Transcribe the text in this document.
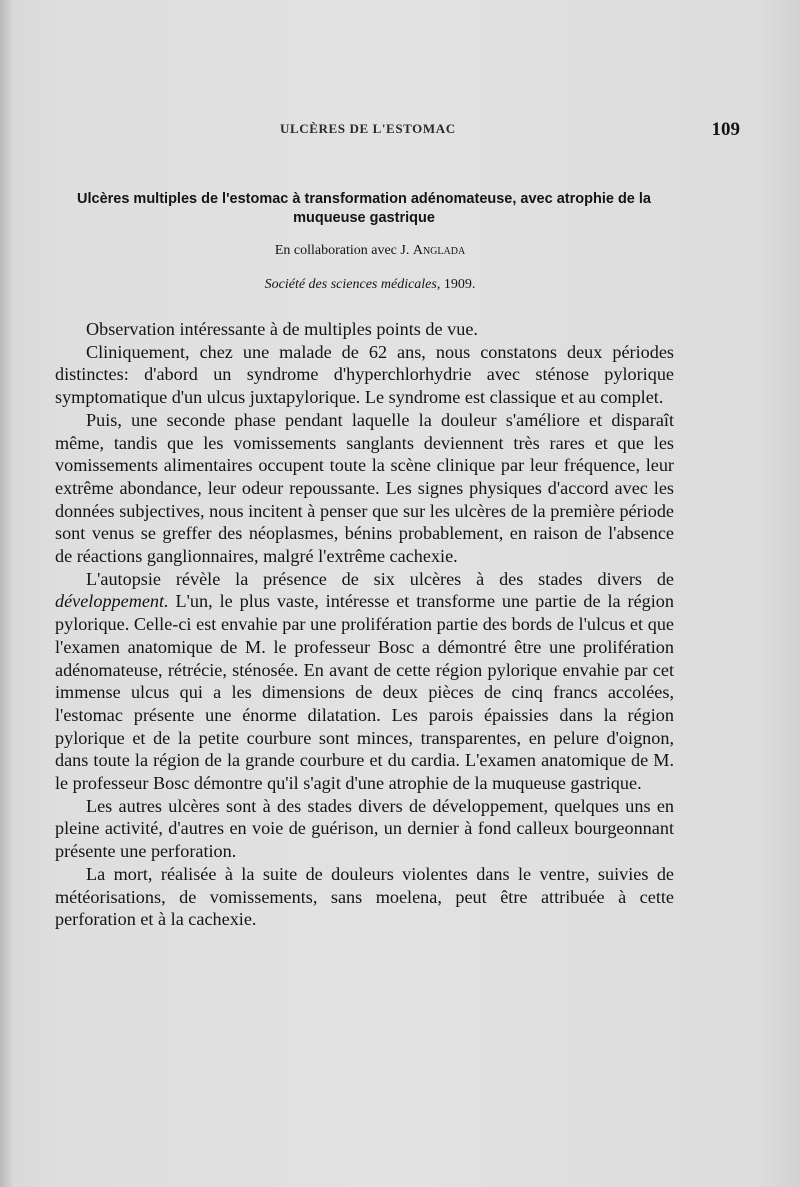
ULCÈRES DE L'ESTOMAC	109
Ulcères multiples de l'estomac à transformation adénomateuse, avec atrophie de la muqueuse gastrique
En collaboration avec J. Anglada
Société des sciences médicales, 1909.

Observation intéressante à de multiples points de vue.

Cliniquement, chez une malade de 62 ans, nous constatons deux périodes distinctes: d'abord un syndrome d'hyperchlorhydrie avec sténose pylorique symptomatique d'un ulcus juxtapylorique. Le syndrome est classique et au complet.

Puis, une seconde phase pendant laquelle la douleur s'améliore et disparaît même, tandis que les vomissements sanglants deviennent très rares et que les vomissements alimentaires occupent toute la scène clinique par leur fréquence, leur extrême abondance, leur odeur repoussante. Les signes physiques d'accord avec les données subjectives, nous incitent à penser que sur les ulcères de la première période sont venus se greffer des néoplasmes, bénins probablement, en raison de l'absence de réactions ganglionnaires, malgré l'extrême cachexie.

L'autopsie révèle la présence de six ulcères à des stades divers de développement. L'un, le plus vaste, intéresse et transforme une partie de la région pylorique. Celle-ci est envahie par une prolifération partie des bords de l'ulcus et que l'examen anatomique de M. le professeur Bosc a démontré être une prolifération adénomateuse, rétrécie, sténosée. En avant de cette région pylorique envahie par cet immense ulcus qui a les dimensions de deux pièces de cinq francs accolées, l'estomac présente une énorme dilatation. Les parois épaissies dans la région pylorique et de la petite courbure sont minces, transparentes, en pelure d'oignon, dans toute la région de la grande courbure et du cardia. L'examen anatomique de M. le professeur Bosc démontre qu'il s'agit d'une atrophie de la muqueuse gastrique.

Les autres ulcères sont à des stades divers de développement, quelques uns en pleine activité, d'autres en voie de guérison, un dernier à fond calleux bourgeonnant présente une perforation.

La mort, réalisée à la suite de douleurs violentes dans le ventre, suivies de météorisations, de vomissements, sans moelena, peut être attribuée à cette perforation et à la cachexie.
